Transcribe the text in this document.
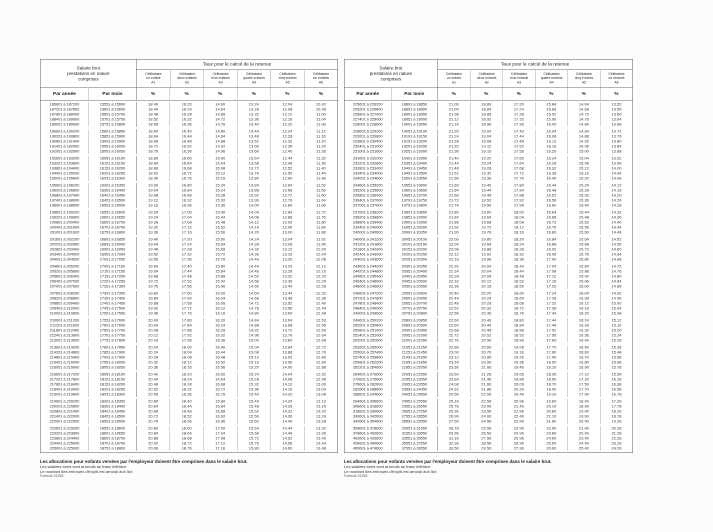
Salaire brut
prestations en nature
comprises
Taux pour le calcul de la retenue
Célibataire
un enfant
A1
Célibataire
deux enfants
A2
Célibataire
trois enfants
A3
Célibataire
quatre enfants
A4
Célibataire
cinq enfants
A5
Célibataire
six enfants
A6
Par année	Par mois	%	%	%	%	%	%
186601 à 187200	15551 à 15600	18.40	16.20	14.60	13.24	12.04	10.92
187201 à 187800	15601 à 15650	18.44	16.24	14.64	13.28	12.08	10.96
187801 à 188400	15651 à 15700	18.48	16.28	14.68	13.32	12.12	11.00
188401 à 189000	15701 à 15750	18.52	16.32	14.72	13.36	12.16	11.04
189001 à 189600	15751 à 15800	18.56	16.36	14.76	13.40	12.20	11.08
189601 à 190200	15801 à 15850	18.60	16.40	14.80	13.44	12.24	11.12
190201 à 190800	15851 à 15900	18.64	16.44	14.84	13.48	12.28	11.16
190801 à 191400	15901 à 15950	18.68	16.48	14.88	13.52	12.32	11.20
191401 à 192000	15951 à 16000	18.72	16.52	14.92	13.56	12.36	11.24
192001 à 192600	16001 à 16050	18.76	16.56	14.96	13.60	12.40	11.28
192601 à 193200	16051 à 16100	18.80	16.60	15.00	13.64	12.44	11.32
193201 à 193800	16101 à 16150	18.84	16.64	15.04	13.68	12.48	11.36
193801 à 194400	16151 à 16200	18.88	16.68	15.08	13.72	12.52	11.40
194401 à 195000	16201 à 16250	18.92	16.72	15.12	13.76	12.56	11.44
195001 à 195600	16251 à 16300	18.96	16.76	15.16	13.80	12.60	11.48
195601 à 196200	16301 à 16350	19.00	16.80	15.20	13.84	12.64	11.52
196201 à 196800	16351 à 16400	19.04	16.84	15.24	13.88	12.68	11.56
196801 à 197400	16401 à 16450	19.08	16.88	15.28	13.92	12.72	11.60
197401 à 198000	16451 à 16500	19.12	16.92	15.32	13.96	12.76	11.64
198001 à 198600	16501 à 16550	19.16	16.96	15.36	14.00	12.80	11.68
198601 à 199200	16551 à 16600	19.20	17.00	15.40	14.04	12.84	11.72
199201 à 199800	16601 à 16650	19.24	17.04	15.44	14.08	12.88	11.76
199801 à 200400	16651 à 16700	19.28	17.08	15.48	14.12	12.92	11.80
200401 à 201000	16701 à 16750	19.32	17.12	15.52	14.16	12.96	11.84
201001 à 201600	16751 à 16800	19.36	17.16	15.56	14.20	13.00	11.88
201601 à 202200	16801 à 16850	19.40	17.20	15.60	14.24	13.04	11.92
202201 à 202800	16851 à 16900	19.44	17.24	15.64	14.28	13.08	11.96
202801 à 203400	16901 à 16950	19.48	17.28	15.68	14.32	13.12	12.00
203401 à 204000	16951 à 17000	19.52	17.32	15.72	14.36	13.16	12.04
204001 à 204600	17001 à 17050	19.56	17.36	15.76	14.40	13.20	12.08
204601 à 205200	17051 à 17100	19.60	17.40	15.80	14.44	13.24	12.12
205201 à 205800	17101 à 17150	19.64	17.44	15.84	14.48	13.28	12.16
205801 à 206400	17151 à 17200	19.68	17.48	15.88	14.52	13.32	12.20
206401 à 207000	17201 à 17250	19.72	17.52	15.92	14.56	13.36	12.24
207001 à 207600	17251 à 17300	19.76	17.56	15.96	14.60	13.40	12.28
207601 à 208200	17301 à 17350	19.80	17.60	16.00	14.64	13.44	12.32
208201 à 208800	17351 à 17400	19.84	17.64	16.04	14.68	13.48	12.36
208801 à 209400	17401 à 17450	19.88	17.68	16.08	14.72	13.52	12.40
209401 à 210000	17451 à 17500	19.92	17.72	16.12	14.76	13.56	12.44
210001 à 210600	17501 à 17550	19.96	17.76	16.16	14.80	13.60	12.48
210601 à 211200	17551 à 17600	20.00	17.80	16.20	14.84	13.64	12.52
211201 à 211800	17601 à 17650	20.04	17.84	16.24	14.88	13.68	12.56
211801 à 212400	17651 à 17700	20.08	17.88	16.28	14.92	13.72	12.60
212401 à 213000	17701 à 17750	20.12	17.92	16.32	14.96	13.76	12.64
213001 à 213600	17751 à 17800	20.16	17.96	16.36	15.00	13.80	12.68
213601 à 214200	17801 à 17850	20.20	18.00	16.40	15.04	13.84	12.72
214201 à 214800	17851 à 17900	20.24	18.04	16.44	15.08	13.88	12.76
214801 à 215400	17901 à 17950	20.28	18.08	16.48	15.12	13.92	12.80
215401 à 216000	17951 à 18000	20.32	18.12	16.52	15.16	13.96	12.84
216001 à 216600	18001 à 18050	20.36	18.16	16.56	15.20	14.00	12.88
216601 à 217200	18051 à 18100	20.40	18.20	16.60	15.24	14.04	12.92
217201 à 217800	18101 à 18150	20.44	18.24	16.64	15.28	14.08	12.96
217801 à 218400	18151 à 18200	20.48	18.28	16.68	15.32	14.12	13.00
218401 à 219000	18201 à 18250	20.52	18.32	16.72	15.36	14.16	13.04
219001 à 219600	18251 à 18300	20.56	18.36	16.76	15.40	14.20	13.08
219601 à 220200	18301 à 18350	20.60	18.40	16.80	15.44	14.24	13.12
220201 à 220800	18351 à 18400	20.64	18.44	16.84	15.48	14.28	13.16
220801 à 221400	18401 à 18450	20.68	18.48	16.88	15.52	14.32	13.20
221401 à 222000	18451 à 18500	20.72	18.52	16.92	15.56	14.36	13.24
222001 à 222600	18501 à 18550	20.76	18.56	16.96	15.60	14.40	13.28
222601 à 223200	18551 à 18600	20.80	18.60	17.00	15.64	14.44	13.32
223201 à 223800	18601 à 18650	20.84	18.64	17.04	15.68	14.48	13.36
223801 à 224400	18651 à 18700	20.88	18.68	17.08	15.72	14.52	13.40
224401 à 225000	18701 à 18750	20.92	18.72	17.12	15.76	14.56	13.44
225001 à 225600	18751 à 18800	20.96	18.76	17.16	15.80	14.60	13.48
Les allocations pour enfants versées par l'employeur doivent être comprises dans le salaire brut.
Les salaires bruts sont arrondis au franc inférieur
Le montant des retenues d'impôt est arrondi aux 5ct.
Formule 21532
Salaire brut
prestations en nature
comprises
Taux pour le calcul de la retenue
Célibataire
un enfant
A1
Célibataire
deux enfants
A2
Célibataire
trois enfants
A3
Célibataire
quatre enfants
A4
Célibataire
cinq enfants
A5
Célibataire
six enfants
A6
Par année	Par mois	%	%	%	%	%	%
225601 à 226200	18801 à 18850	21.00	18.80	17.20	15.84	14.64	13.52
226201 à 226800	18851 à 18900	21.04	18.84	17.24	15.88	14.68	13.56
226801 à 227400	18901 à 18950	21.08	18.88	17.28	15.92	14.72	13.60
227401 à 228000	18951 à 19000	21.12	18.92	17.32	15.96	14.76	13.64
228001 à 228600	19001 à 19050	21.16	18.96	17.36	16.00	14.80	13.68
228601 à 229200	19051 à 19100	21.20	19.00	17.40	16.04	14.84	13.72
229201 à 229800	19101 à 19150	21.24	19.04	17.44	16.08	14.88	13.76
229801 à 230400	19151 à 19200	21.28	19.08	17.48	16.12	14.92	13.80
230401 à 231000	19201 à 19250	21.32	19.12	17.52	16.16	14.96	13.84
231001 à 231600	19251 à 19300	21.36	19.16	17.56	16.20	15.00	13.88
231601 à 232200	19301 à 19350	21.40	19.20	17.60	16.24	15.04	13.92
232201 à 232800	19351 à 19400	21.44	19.24	17.64	16.28	15.08	13.96
232801 à 233400	19401 à 19450	21.48	19.28	17.68	16.32	15.12	14.00
233401 à 234000	19451 à 19500	21.52	19.32	17.72	16.36	15.16	14.04
234001 à 234600	19501 à 19550	21.56	19.36	17.76	16.40	15.20	14.08
234601 à 235200	19551 à 19600	21.60	19.40	17.80	16.44	15.24	14.12
235201 à 235800	19601 à 19650	21.64	19.44	17.84	16.48	15.28	14.16
235801 à 236400	19651 à 19700	21.68	19.48	17.88	16.52	15.32	14.20
236401 à 237000	19701 à 19750	21.72	19.52	17.92	16.56	15.36	14.24
237001 à 237600	19751 à 19800	21.76	19.56	17.96	16.60	15.40	14.28
237601 à 238200	19801 à 19850	21.80	19.60	18.00	16.64	15.44	14.32
238201 à 238800	19851 à 19900	21.84	19.64	18.04	16.68	15.48	14.36
238801 à 239400	19901 à 19950	21.88	19.68	18.08	16.72	15.52	14.40
239401 à 240000	19951 à 20000	21.92	19.72	18.12	16.76	15.56	14.44
240001 à 240600	20001 à 20050	21.96	19.76	18.16	16.80	15.60	14.48
240601 à 241200	20051 à 20100	22.00	19.80	18.20	16.84	15.64	14.52
241201 à 241800	20101 à 20150	22.04	19.84	18.24	16.88	15.68	14.56
241801 à 242400	20151 à 20200	22.08	19.88	18.28	16.92	15.72	14.60
242401 à 243000	20201 à 20250	22.12	19.92	18.32	16.96	15.76	14.64
243001 à 243600	20251 à 20300	22.16	19.96	18.36	17.00	15.80	14.68
243601 à 244200	20301 à 20350	22.20	20.00	18.40	17.04	15.84	14.72
244201 à 244800	20351 à 20400	22.24	20.04	18.44	17.08	15.88	14.76
244801 à 245400	20401 à 20450	22.28	20.08	18.48	17.12	15.92	14.80
245401 à 246000	20451 à 20500	22.32	20.12	18.52	17.16	15.96	14.84
246001 à 246600	20501 à 20550	22.36	20.16	18.56	17.20	16.00	14.88
246601 à 247200	20551 à 20600	22.40	20.20	18.60	17.24	16.04	14.92
247201 à 247800	20601 à 20650	22.44	20.24	18.64	17.28	16.08	14.96
247801 à 248400	20651 à 20700	22.48	20.28	18.68	17.32	16.12	15.00
248401 à 249000	20701 à 20750	22.52	20.32	18.72	17.36	16.16	15.04
249001 à 249600	20751 à 20800	22.56	20.36	18.76	17.40	16.20	15.08
249601 à 250200	20801 à 20850	22.60	20.40	18.80	17.44	16.24	15.12
250201 à 250800	20851 à 20900	22.64	20.44	18.84	17.48	16.28	15.16
250801 à 251400	20901 à 20950	22.68	20.48	18.88	17.52	16.32	15.20
251401 à 252000	20951 à 21000	22.72	20.52	18.92	17.56	16.36	15.24
252001 à 252600	21001 à 21050	22.76	20.56	18.96	17.60	16.40	15.28
252601 à 255000	21051 à 21250	22.88	20.66	19.06	17.70	16.50	15.38
255001 à 257400	21251 à 21450	23.00	20.76	19.16	17.80	16.60	15.48
257401 à 259800	21451 à 21650	23.12	20.86	19.26	17.90	16.70	15.58
259801 à 262200	21651 à 21850	23.24	20.96	19.36	18.00	16.80	15.68
262201 à 264600	21851 à 22050	23.36	21.06	19.46	18.10	16.90	15.78
264601 à 270600	22051 à 22550	23.60	21.26	19.66	18.30	17.10	15.98
270601 à 276600	22551 à 23050	23.84	21.46	19.86	18.50	17.30	16.18
276601 à 282600	23051 à 23550	24.08	21.66	20.06	18.70	17.50	16.38
282601 à 288600	23551 à 24050	24.32	21.86	20.26	18.90	17.70	16.58
288601 à 294600	24051 à 24550	24.56	22.06	20.46	19.10	17.90	16.78
294601 à 306600	24551 à 25550	25.16	22.56	20.96	19.60	18.40	17.28
306601 à 318600	25551 à 26550	25.76	23.06	21.46	20.10	18.90	17.78
318601 à 330600	26551 à 27550	26.36	23.56	21.96	20.60	19.40	18.28
330601 à 342600	27551 à 28550	26.96	24.06	22.46	21.10	19.90	18.78
342601 à 354600	28551 à 29550	27.56	24.56	22.96	21.60	20.40	19.28
354601 à 378600	29551 à 31550	28.76	25.56	23.96	22.60	21.40	20.28
378601 à 402600	31551 à 33550	29.96	26.56	24.96	23.60	22.40	21.28
402601 à 426600	33551 à 35550	31.16	27.56	25.96	24.60	23.40	22.28
426601 à 450600	35551 à 37550	32.36	28.56	26.96	25.60	24.40	23.28
450601 à 474600	37551 à 39550	33.56	29.56	27.96	26.60	25.40	24.28
Les allocations pour enfants versées par l'employeur doivent être comprises dans le salaire brut.
Les salaires bruts sont arrondis au franc inférieur
Le montant des retenues d'impôt est arrondi aux 5ct.
Formule 21532
